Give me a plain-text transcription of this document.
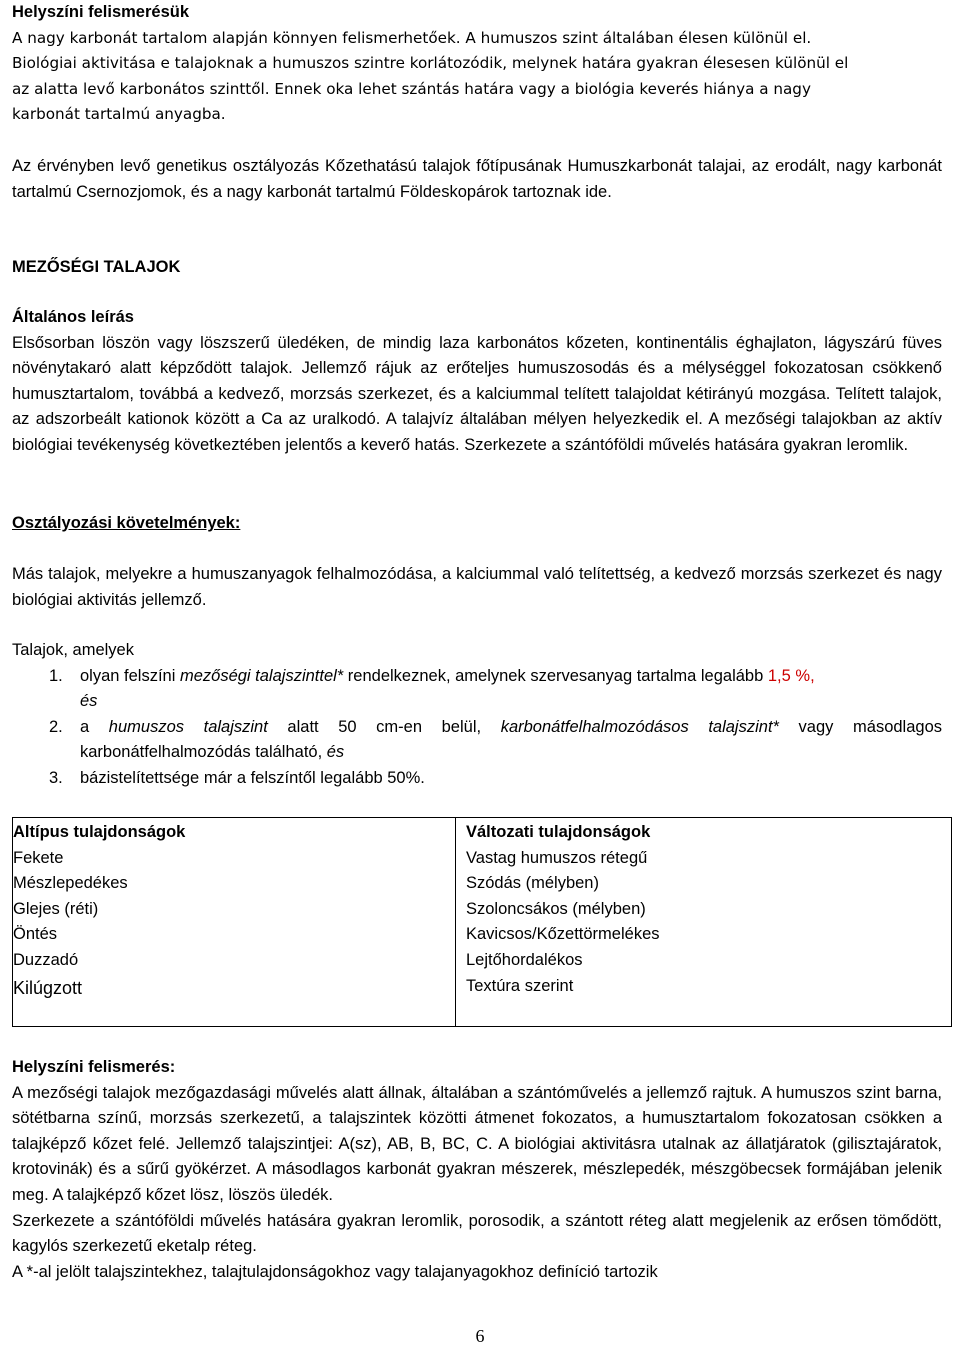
Helyszíni felismerésük

A nagy karbonát tartalom alapján könnyen felismerhetőek. A humuszos szint általában élesen különül el.

Biológiai aktivitása e talajoknak a humuszos szintre korlátozódik, melynek határa gyakran élesesen különül el

az alatta levő karbonátos szinttől. Ennek oka lehet szántás határa vagy a biológia keverés hiánya a nagy

karbonát tartalmú anyagba.

Az érvényben levő genetikus osztályozás Kőzethatású talajok főtípusának Humuszkarbonát talajai, az erodált, nagy karbonát tartalmú Csernozjomok, és a nagy karbonát tartalmú Földeskopárok tartoznak ide.

MEZŐSÉGI TALAJOK

Általános leírás

Elsősorban löszön vagy löszszerű üledéken, de mindig laza karbonátos kőzeten, kontinentális éghajlaton, lágyszárú füves növénytakaró alatt képződött talajok. Jellemző rájuk az erőteljes humuszosodás és a mélységgel fokozatosan csökkenő humusztartalom, továbbá a kedvező, morzsás szerkezet, és a kalciummal telített talajoldat kétirányú mozgása. Telített talajok, az adszorbeált kationok között a Ca az uralkodó. A talajvíz általában mélyen helyezkedik el. A mezőségi talajokban az aktív biológiai tevékenység következtében jelentős a keverő hatás. Szerkezete a szántóföldi művelés hatására gyakran leromlik.

Osztályozási követelmények:

Más talajok, melyekre a humuszanyagok felhalmozódása, a kalciummal való telítettség, a kedvező morzsás szerkezet és nagy biológiai aktivitás jellemző.

Talajok, amelyek

1. olyan felszíni mezőségi talajszinttel* rendelkeznek, amelynek szervesanyag tartalma legalább 1,5 %,
és
2. a humuszos talajszint alatt 50 cm-en belül, karbonátfelhalmozódásos talajszint* vagy másodlagos karbonátfelhalmozódás található, és
3. bázistelítettsége már a felszíntől legalább 50%.
Altípus tulajdonságok
Fekete
Mészlepedékes
Glejes (réti)
Öntés
Duzzadó
Kilúgzott
Változati tulajdonságok
Vastag humuszos rétegű
Szódás (mélyben)
Szoloncsákos (mélyben)
Kavicsos/Kőzettörmelékes
Lejtőhordalékos
Textúra szerint

Helyszíni felismerés:

A mezőségi talajok mezőgazdasági művelés alatt állnak, általában a szántóművelés a jellemző rajtuk. A humuszos szint barna, sötétbarna színű, morzsás szerkezetű, a talajszintek közötti átmenet fokozatos, a humusztartalom fokozatosan csökken a talajképző kőzet felé. Jellemző talajszintjei: A(sz), AB, B, BC, C. A biológiai aktivitásra utalnak az állatjáratok (gilisztajáratok, krotovinák) és a sűrű gyökérzet. A másodlagos karbonát gyakran mészerek, mészlepedék, mészgöbecsek formájában jelenik meg. A talajképző kőzet lösz, löszös üledék.

Szerkezete a szántóföldi művelés hatására gyakran leromlik, porosodik, a szántott réteg alatt megjelenik az erősen tömődött, kagylós szerkezetű eketalp réteg.

A *-al jelölt talajszintekhez, talajtulajdonságokhoz vagy talajanyagokhoz definíció tartozik

6
